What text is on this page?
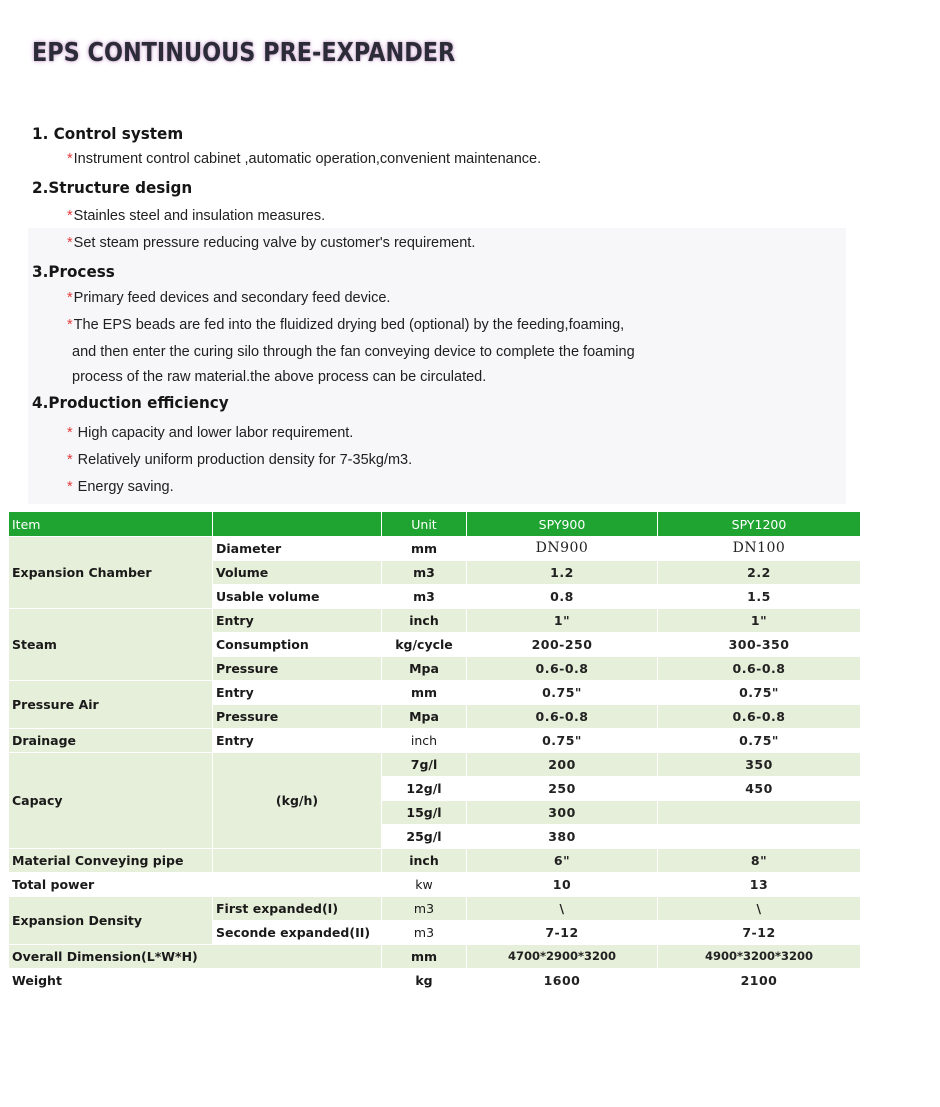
EPS CONTINUOUS PRE-EXPANDER
1. Control system
*Instrument control cabinet ,automatic operation,convenient maintenance.
2.Structure design
*Stainles steel and insulation measures.
*Set steam pressure reducing valve by customer's requirement.
3.Process
*Primary feed devices and secondary feed device.
*The EPS beads are fed into the fluidized drying bed (optional) by the feeding,foaming,
and then enter the curing silo through the fan conveying device to complete the foaming
process of the raw material.the above process can be circulated.
4.Production efficiency
* High capacity and lower labor requirement.
* Relatively uniform production density for 7-35kg/m3.
* Energy saving.
Item		Unit	SPY900	SPY1200
Expansion Chamber	Diameter	mm	DN900	DN100
	Volume	m3	1.2	2.2
	Usable volume	m3	0.8	1.5
Steam	Entry	inch	1"	1"
	Consumption	kg/cycle	200-250	300-350
	Pressure	Mpa	0.6-0.8	0.6-0.8
Pressure Air	Entry	mm	0.75"	0.75"
	Pressure	Mpa	0.6-0.8	0.6-0.8
Drainage	Entry	inch	0.75"	0.75"
Capacy	(kg/h)	7g/l	200	350
		12g/l	250	450
		15g/l	300	
		25g/l	380	
Material Conveying pipe		inch	6"	8"
Total power		kw	10	13
Expansion Density	First expanded(I)	m3	\	\
	Seconde expanded(II)	m3	7-12	7-12
Overall Dimension(L*W*H)		mm	4700*2900*3200	4900*3200*3200
Weight		kg	1600	2100
